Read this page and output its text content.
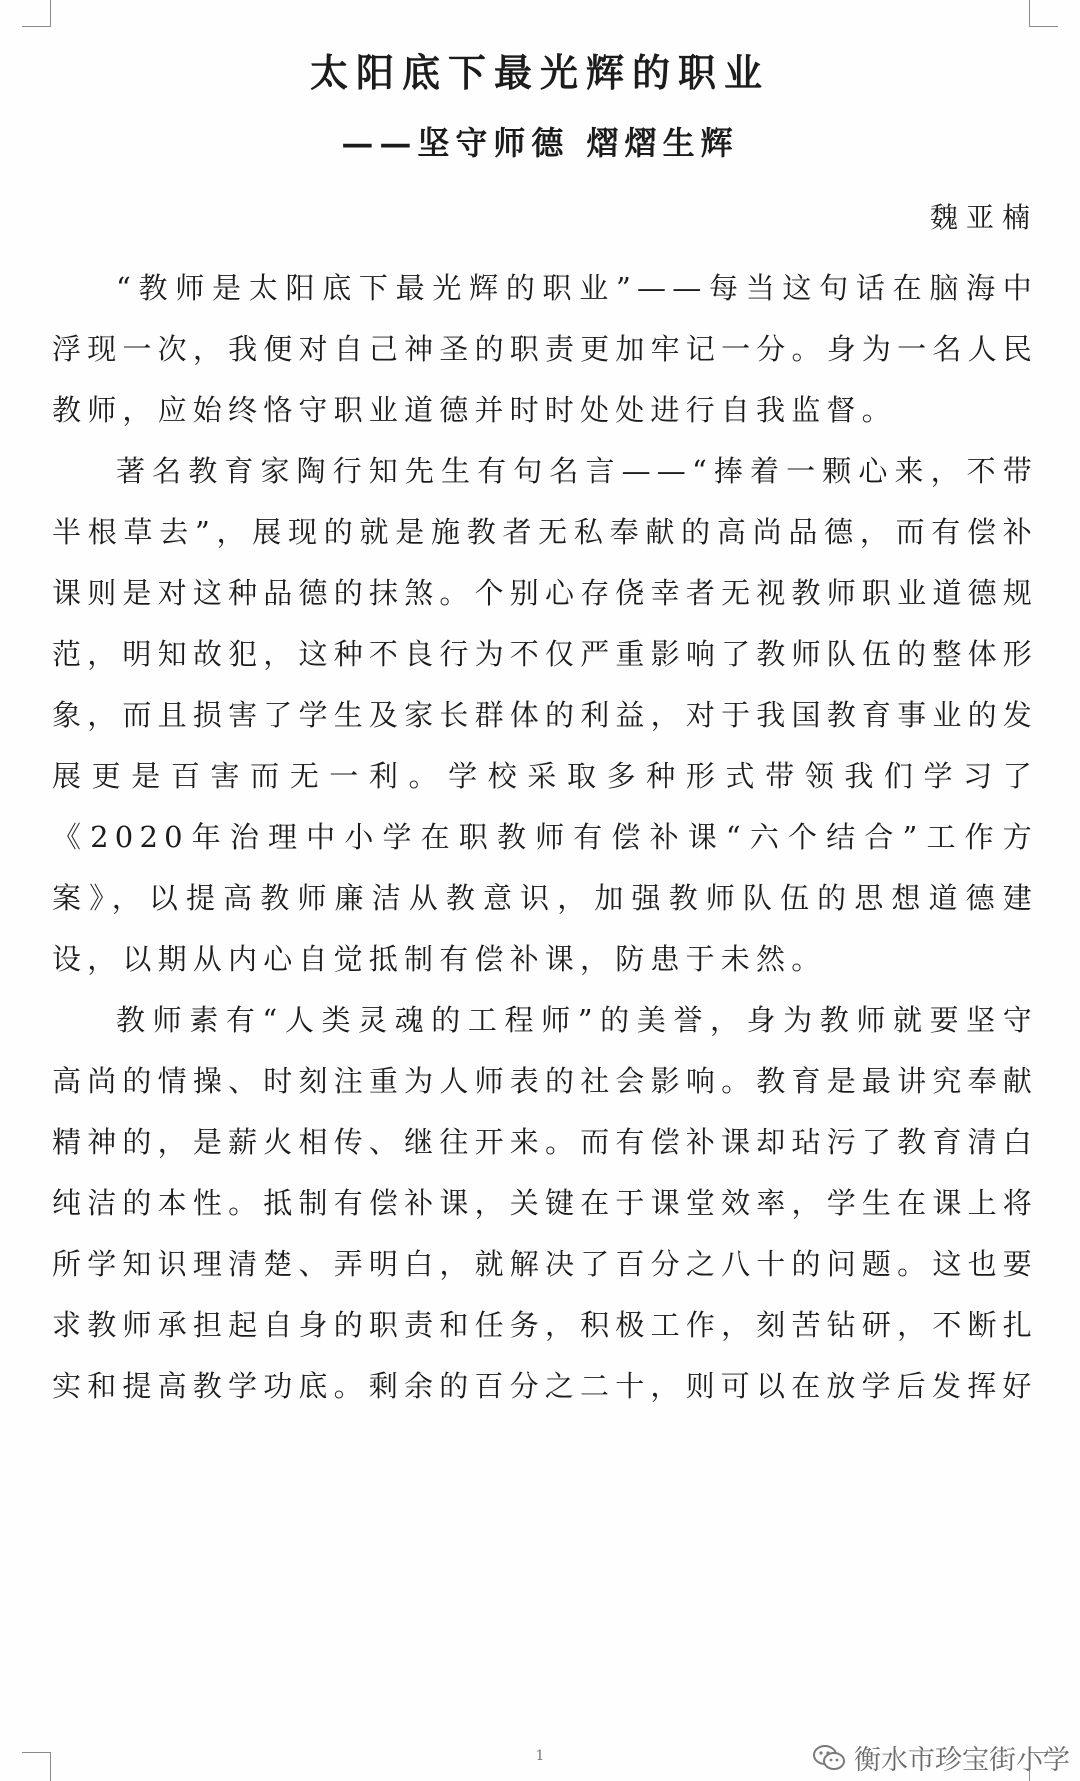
太阳底下最光辉的职业
——坚守师德 熠熠生辉
魏亚楠

“教师是太阳底下最光辉的职业”——每当这句话在脑海中浮现一次，我便对自己神圣的职责更加牢记一分。身为一名人民教师，应始终恪守职业道德并时时处处进行自我监督。

著名教育家陶行知先生有句名言——“捧着一颗心来，不带半根草去”，展现的就是施教者无私奉献的高尚品德，而有偿补课则是对这种品德的抹煞。个别心存侥幸者无视教师职业道德规范，明知故犯，这种不良行为不仅严重影响了教师队伍的整体形象，而且损害了学生及家长群体的利益，对于我国教育事业的发展更是百害而无一利。学校采取多种形式带领我们学习了《2020年治理中小学在职教师有偿补课“六个结合”工作方案》，以提高教师廉洁从教意识，加强教师队伍的思想道德建设，以期从内心自觉抵制有偿补课，防患于未然。

教师素有“人类灵魂的工程师”的美誉，身为教师就要坚守高尚的情操、时刻注重为人师表的社会影响。教育是最讲究奉献精神的，是薪火相传、继往开来。而有偿补课却玷污了教育清白纯洁的本性。抵制有偿补课，关键在于课堂效率，学生在课上将所学知识理清楚、弄明白，就解决了百分之八十的问题。这也要求教师承担起自身的职责和任务，积极工作，刻苦钻研，不断扎实和提高教学功底。剩余的百分之二十，则可以在放学后发挥好

1	衡水市珍宝街小学
